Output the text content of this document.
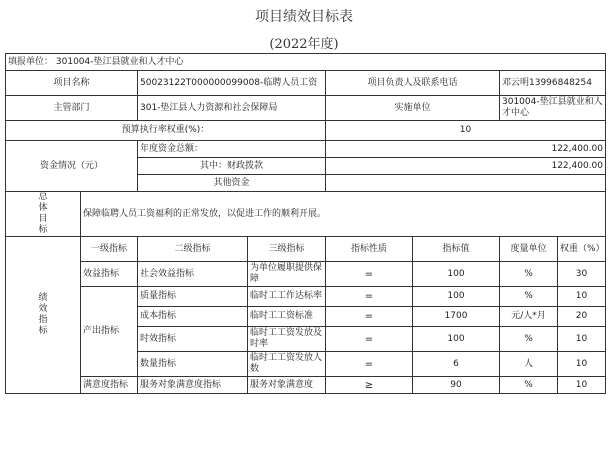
项目绩效目标表
(2022年度)
填报单位： 301004-垫江县就业和人才中心							
项目名称		50023122T000000099008-临聘人员工资		项目负责人及联系电话		邓云明13996848254	
主管部门		301-垫江县人力资源和社会保障局		实施单位		301004-垫江县就业和人才中心	
预算执行率权重(%)：				10			
资金情况（元）		年度资金总额：		122,400.00			
		其中：财政拨款		122,400.00			
		其他资金					

总体目标	保障临聘人员工资福利的正常发放，以促进工作的顺利开展。						

绩效指标	一级指标	二级指标	三级指标	指标性质	指标值	度量单位	权重（%）
	效益指标	社会效益指标	为单位履职提供保障	=	100	%	30
	产出指标	质量指标	临时工工作达标率	=	100	%	10
		成本指标	临时工工资标准	=	1700	元/人*月	20
		时效指标	临时工工资发放及时率	=	100	%	10
		数量指标	临时工工资发放人数	=	6	人	10
	满意度指标	服务对象满意度指标	服务对象满意度	≥	90	%	10
